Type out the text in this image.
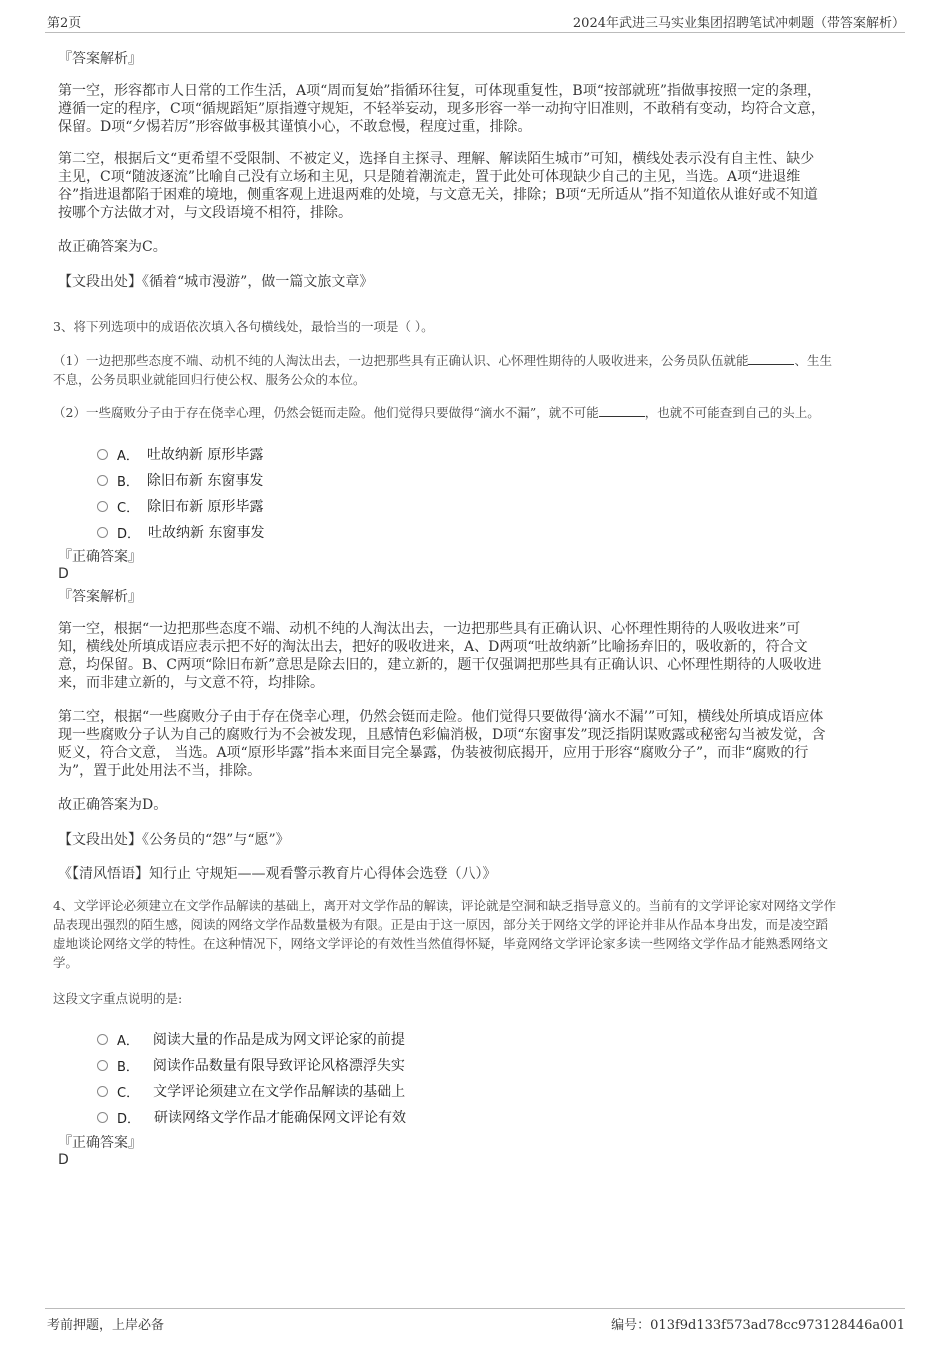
第2页	2024年武进三马实业集团招聘笔试冲刺题（带答案解析）
『答案解析』
第一空，形容都市人日常的工作生活，A项“周而复始”指循环往复，可体现重复性，B项“按部就班”指做事按照一定的条理，
遵循一定的程序，C项“循规蹈矩”原指遵守规矩，不轻举妄动，现多形容一举一动拘守旧准则，不敢稍有变动，均符合文意，
保留。D项“夕惕若厉”形容做事极其谨慎小心，不敢怠慢，程度过重，排除。
第二空，根据后文“更希望不受限制、不被定义，选择自主探寻、理解、解读陌生城市”可知，横线处表示没有自主性、缺少
主见，C项“随波逐流”比喻自己没有立场和主见，只是随着潮流走，置于此处可体现缺少自己的主见，当选。A项“进退维
谷”指进退都陷于困难的境地，侧重客观上进退两难的处境，与文意无关，排除；B项“无所适从”指不知道依从谁好或不知道
按哪个方法做才对，与文段语境不相符，排除。
故正确答案为C。
【文段出处】《循着“城市漫游”，做一篇文旅文章》
3、将下列选项中的成语依次填入各句横线处，最恰当的一项是（ ）。
（1）一边把那些态度不端、动机不纯的人淘汰出去，一边把那些具有正确认识、心怀理性期待的人吸收进来，公务员队伍就能	、生生
不息，公务员职业就能回归行使公权、服务公众的本位。
（2）一些腐败分子由于存在侥幸心理，仍然会铤而走险。他们觉得只要做得“滴水不漏”，就不可能	，也就不可能查到自己的头上。
A． 吐故纳新 原形毕露
B． 除旧布新 东窗事发
C． 除旧布新 原形毕露
D． 吐故纳新 东窗事发
『正确答案』
D
『答案解析』
第一空，根据“一边把那些态度不端、动机不纯的人淘汰出去，一边把那些具有正确认识、心怀理性期待的人吸收进来”可
知，横线处所填成语应表示把不好的淘汰出去，把好的吸收进来，A、D两项“吐故纳新”比喻扬弃旧的，吸收新的，符合文
意，均保留。B、C两项“除旧布新”意思是除去旧的，建立新的，题干仅强调把那些具有正确认识、心怀理性期待的人吸收进
来，而非建立新的，与文意不符，均排除。
第二空，根据“一些腐败分子由于存在侥幸心理，仍然会铤而走险。他们觉得只要做得‘滴水不漏’”可知，横线处所填成语应体
现一些腐败分子认为自己的腐败行为不会被发现，且感情色彩偏消极，D项“东窗事发”现泛指阴谋败露或秘密勾当被发觉，含
贬义，符合文意， 当选。A项“原形毕露”指本来面目完全暴露，伪装被彻底揭开，应用于形容“腐败分子”，而非“腐败的行
为”，置于此处用法不当，排除。
故正确答案为D。
【文段出处】《公务员的“怨”与“愿”》
《【清风悟语】知行止 守规矩——观看警示教育片心得体会选登（八）》
4、文学评论必须建立在文学作品解读的基础上，离开对文学作品的解读，评论就是空洞和缺乏指导意义的。当前有的文学评论家对网络文学作
品表现出强烈的陌生感，阅读的网络文学作品数量极为有限。正是由于这一原因，部分关于网络文学的评论并非从作品本身出发，而是凌空蹈
虚地谈论网络文学的特性。在这种情况下，网络文学评论的有效性当然值得怀疑，毕竟网络文学评论家多读一些网络文学作品才能熟悉网络文
学。
这段文字重点说明的是:
A． 阅读大量的作品是成为网文评论家的前提
B． 阅读作品数量有限导致评论风格漂浮失实
C． 文学评论须建立在文学作品解读的基础上
D． 研读网络文学作品才能确保网文评论有效
『正确答案』
D
考前押题，上岸必备	编号：013f9d133f573ad78cc973128446a001
